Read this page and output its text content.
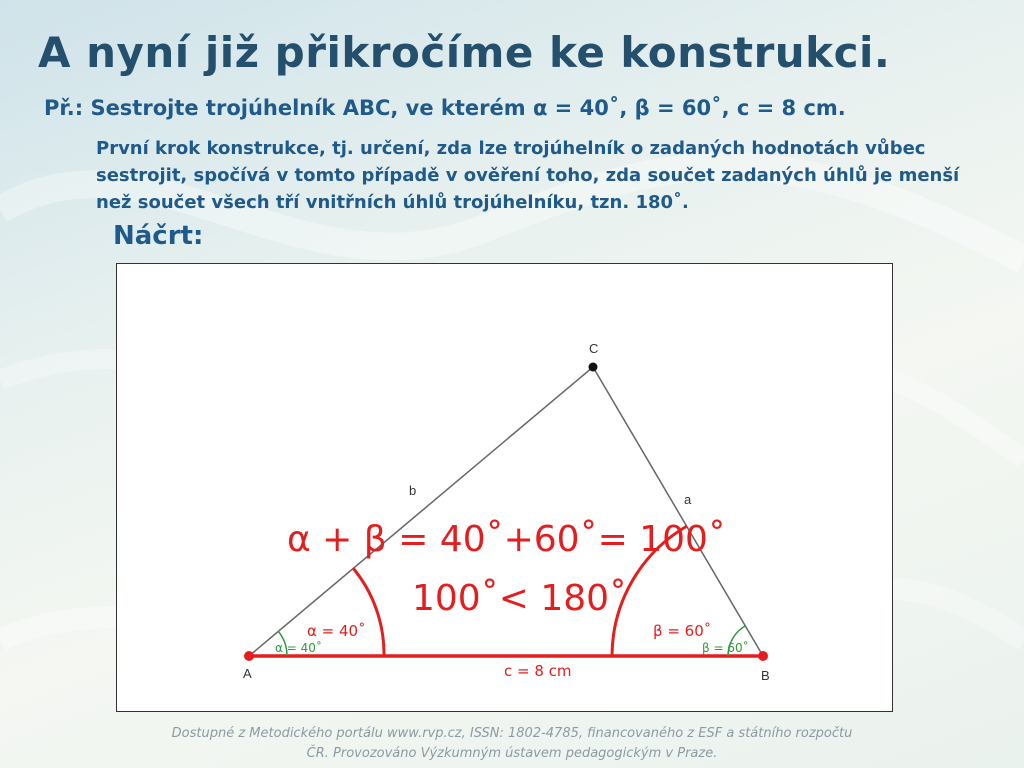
A nyní již přikročíme ke konstrukci.

Př.: Sestrojte trojúhelník ABC, ve kterém α = 40˚, β = 60˚, c = 8 cm.

První krok konstrukce, tj. určení, zda lze trojúhelník o zadaných hodnotách vůbec sestrojit, spočívá v tomto případě v ověření toho, zda součet zadaných úhlů je menší než součet všech tří vnitřních úhlů trojúhelníku, tzn. 180˚.

Náčrt:

A	B
C
b
a
α = 40˚	β = 60˚
α = 40˚	β = 60˚
c = 8 cm
α + β = 40˚+60˚= 100˚
100˚< 180˚
Dostupné z Metodického portálu www.rvp.cz, ISSN: 1802-4785, financovaného z ESF a státního rozpočtu
ČR. Provozováno Výzkumným ústavem pedagogickým v Praze.
